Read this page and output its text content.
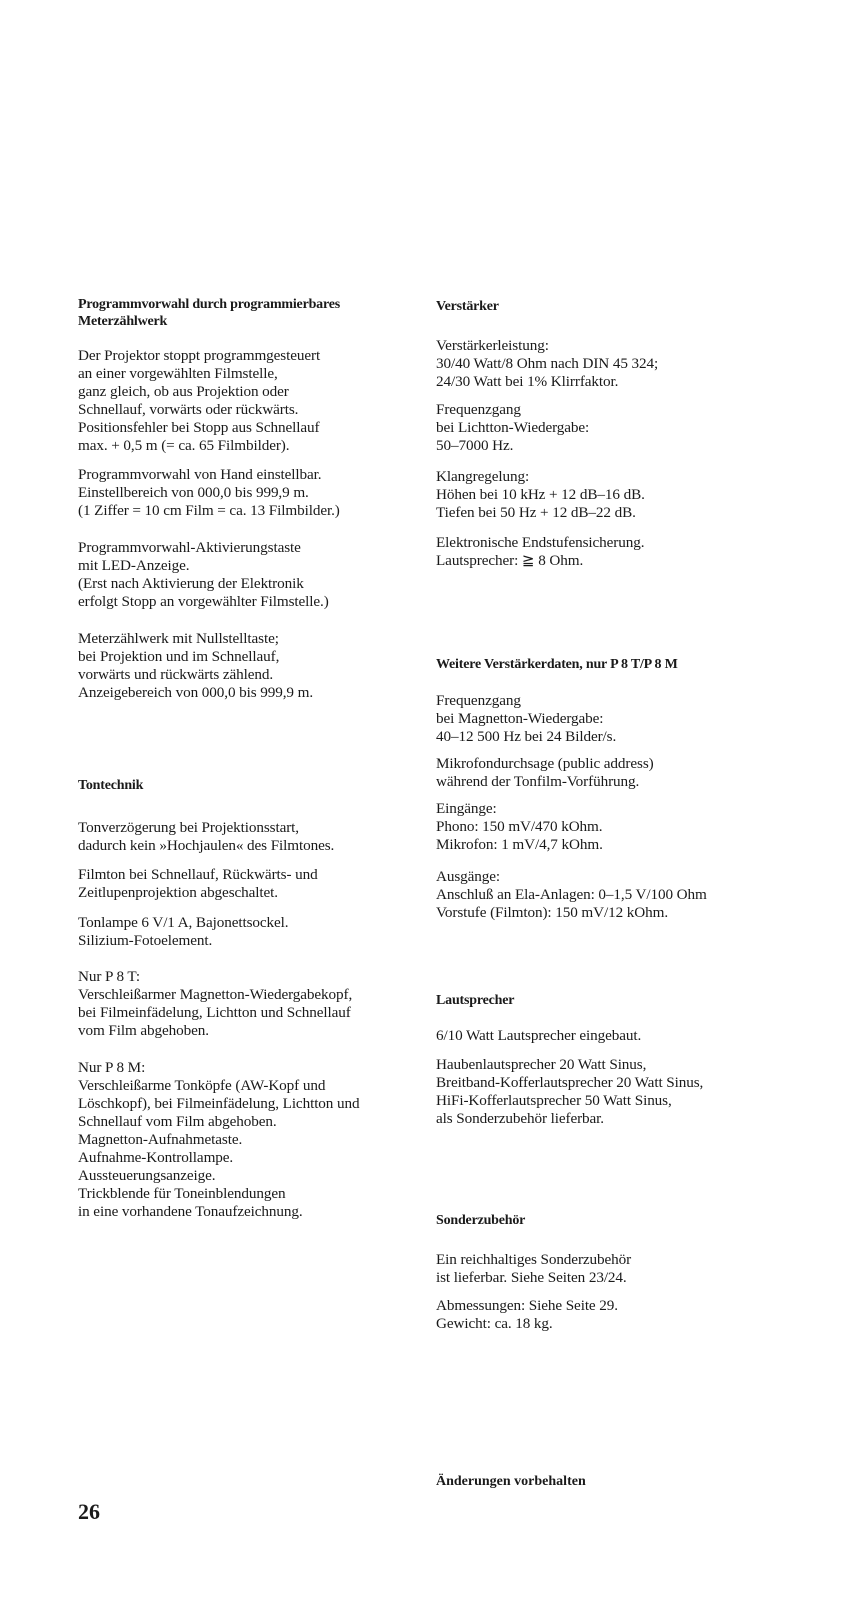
Programmvorwahl durch programmierbares Meterzählwerk

Der Projektor stoppt programmgesteuert
an einer vorgewählten Filmstelle,
ganz gleich, ob aus Projektion oder
Schnellauf, vorwärts oder rückwärts.
Positionsfehler bei Stopp aus Schnellauf
max. + 0,5 m (= ca. 65 Filmbilder).

Programmvorwahl von Hand einstellbar.
Einstellbereich von 000,0 bis 999,9 m.
(1 Ziffer = 10 cm Film = ca. 13 Filmbilder.)

Programmvorwahl-Aktivierungstaste
mit LED-Anzeige.
(Erst nach Aktivierung der Elektronik
erfolgt Stopp an vorgewählter Filmstelle.)

Meterzählwerk mit Nullstelltaste;
bei Projektion und im Schnellauf,
vorwärts und rückwärts zählend.
Anzeigebereich von 000,0 bis 999,9 m.

Tontechnik

Tonverzögerung bei Projektionsstart,
dadurch kein »Hochjaulen« des Filmtones.

Filmton bei Schnellauf, Rückwärts- und
Zeitlupenprojektion abgeschaltet.

Tonlampe 6 V/1 A, Bajonettsockel.
Silizium-Fotoelement.

Nur P 8 T:
Verschleißarmer Magnetton-Wiedergabekopf,
bei Filmeinfädelung, Lichtton und Schnellauf
vom Film abgehoben.

Nur P 8 M:
Verschleißarme Tonköpfe (AW-Kopf und
Löschkopf), bei Filmeinfädelung, Lichtton und
Schnellauf vom Film abgehoben.
Magnetton-Aufnahmetaste.
Aufnahme-Kontrollampe.
Aussteuerungsanzeige.
Trickblende für Toneinblendungen
in eine vorhandene Tonaufzeichnung.

Verstärker

Verstärkerleistung:
30/40 Watt/8 Ohm nach DIN 45 324;
24/30 Watt bei 1% Klirrfaktor.

Frequenzgang
bei Lichtton-Wiedergabe:
50–7000 Hz.

Klangregelung:
Höhen bei 10 kHz + 12 dB–16 dB.
Tiefen bei 50 Hz + 12 dB–22 dB.

Elektronische Endstufensicherung.
Lautsprecher: ≧ 8 Ohm.

Weitere Verstärkerdaten, nur P 8 T/P 8 M

Frequenzgang
bei Magnetton-Wiedergabe:
40–12 500 Hz bei 24 Bilder/s.

Mikrofondurchsage (public address)
während der Tonfilm-Vorführung.

Eingänge:
Phono: 150 mV/470 kOhm.
Mikrofon: 1 mV/4,7 kOhm.

Ausgänge:
Anschluß an Ela-Anlagen: 0–1,5 V/100 Ohm
Vorstufe (Filmton): 150 mV/12 kOhm.

Lautsprecher

6/10 Watt Lautsprecher eingebaut.

Haubenlautsprecher 20 Watt Sinus,
Breitband-Kofferlautsprecher 20 Watt Sinus,
HiFi-Kofferlautsprecher 50 Watt Sinus,
als Sonderzubehör lieferbar.

Sonderzubehör

Ein reichhaltiges Sonderzubehör
ist lieferbar. Siehe Seiten 23/24.

Abmessungen: Siehe Seite 29.
Gewicht: ca. 18 kg.

Änderungen vorbehalten

26
